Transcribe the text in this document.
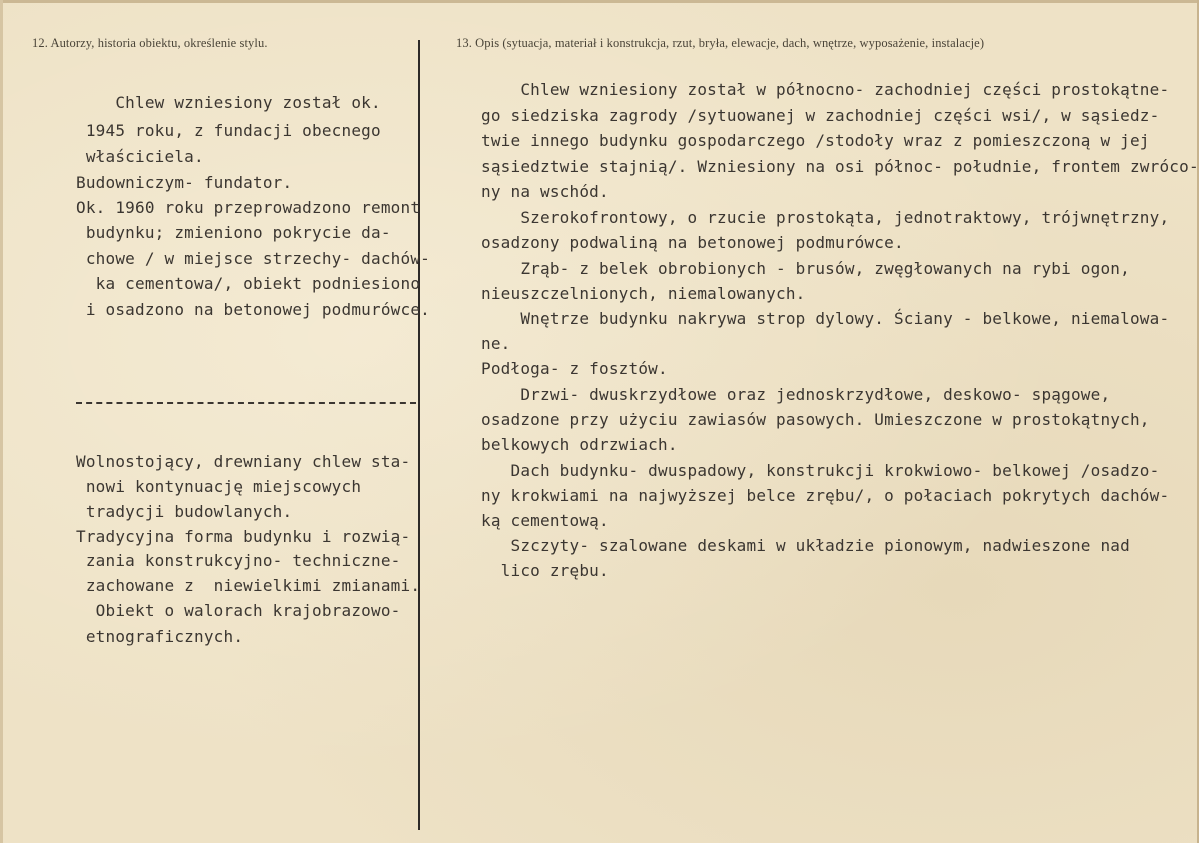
12. Autorzy, historia obiektu, określenie stylu.	13. Opis (sytuacja, materiał i konstrukcja, rzut, bryła, elewacje, dach, wnętrze, wyposażenie, instalacje)
Chlew wzniesiony został ok.
1945 roku, z fundacji obecnego
właściciela.
Budowniczym- fundator.
Ok. 1960 roku przeprowadzono remont
budynku; zmieniono pokrycie da-
chowe / w miejsce strzechy- dachów-
ka cementowa/, obiekt podniesiono
i osadzono na betonowej podmurówce.
Wolnostojący, drewniany chlew sta-
nowi kontynuację miejscowych
tradycji budowlanych.
Tradycyjna forma budynku i rozwią-
zania konstrukcyjno- techniczne-
zachowane z  niewielkimi zmianami.
Obiekt o walorach krajobrazowo-
etnograficznych.
Chlew wzniesiony został w północno- zachodniej części prostokątne-
go siedziska zagrody /sytuowanej w zachodniej części wsi/, w sąsiedz-
twie innego budynku gospodarczego /stodoły wraz z pomieszczoną w jej
sąsiedztwie stajnią/. Wzniesiony na osi północ- południe, frontem zwróco-
ny na wschód.
Szerokofrontowy, o rzucie prostokąta, jednotraktowy, trójwnętrzny,
osadzony podwaliną na betonowej podmurówce.
Zrąb- z belek obrobionych - brusów, zwęgłowanych na rybi ogon,
nieuszczelnionych, niemalowanych.
Wnętrze budynku nakrywa strop dylowy. Ściany - belkowe, niemalowa-
ne.
Podłoga- z fosztów.
Drzwi- dwuskrzydłowe oraz jednoskrzydłowe, deskowo- spągowe,
osadzone przy użyciu zawiasów pasowych. Umieszczone w prostokątnych,
belkowych odrzwiach.
Dach budynku- dwuspadowy, konstrukcji krokwiowo- belkowej /osadzo-
ny krokwiami na najwyższej belce zrębu/, o połaciach pokrytych dachów-
ką cementową.
Szczyty- szalowane deskami w układzie pionowym, nadwieszone nad
lico zrębu.
